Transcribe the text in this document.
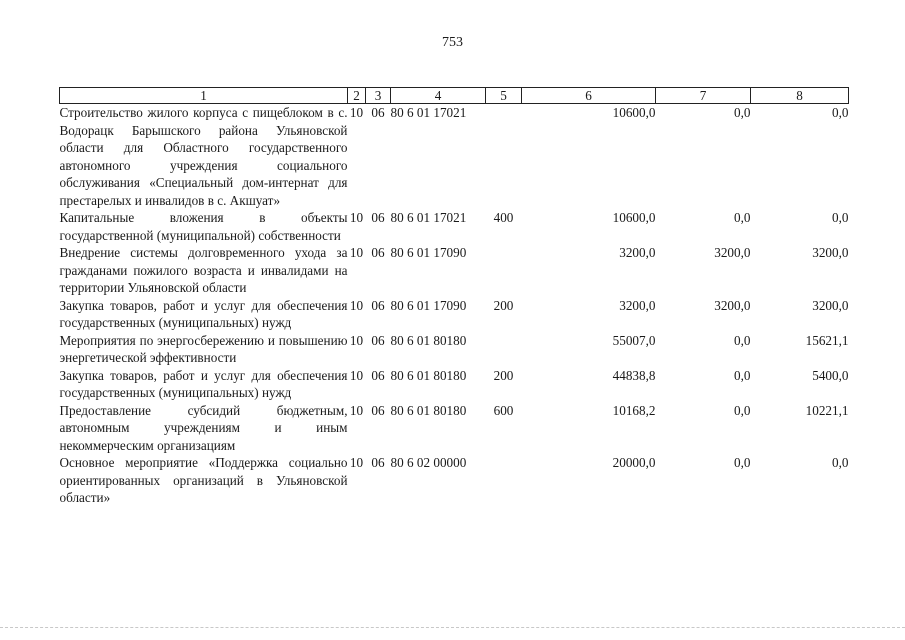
753
1	2	3	4	5	6	7	8
Строительство жилого корпуса с пищеблоком в с. Водорацк Барышского района Ульяновской области для Областного государственного автономного учреждения социального обслуживания «Специальный дом-интернат для престарелых и инвалидов в с. Акшуат»	10	06	80 6 01 17021		10600,0	0,0	0,0
Капитальные вложения в объекты государственной (муниципальной) собственности	10	06	80 6 01 17021	400	10600,0	0,0	0,0
Внедрение системы долговременного ухода за гражданами пожилого возраста и инвалидами на территории Ульяновской области	10	06	80 6 01 17090		3200,0	3200,0	3200,0
Закупка товаров, работ и услуг для обеспечения государственных (муниципальных) нужд	10	06	80 6 01 17090	200	3200,0	3200,0	3200,0
Мероприятия по энергосбережению и повышению энергетической эффективности	10	06	80 6 01 80180		55007,0	0,0	15621,1
Закупка товаров, работ и услуг для обеспечения государственных (муниципальных) нужд	10	06	80 6 01 80180	200	44838,8	0,0	5400,0
Предоставление субсидий бюджетным, автономным учреждениям и иным некоммерческим организациям	10	06	80 6 01 80180	600	10168,2	0,0	10221,1
Основное мероприятие «Поддержка социально ориентированных организаций в Ульяновской области»	10	06	80 6 02 00000		20000,0	0,0	0,0
